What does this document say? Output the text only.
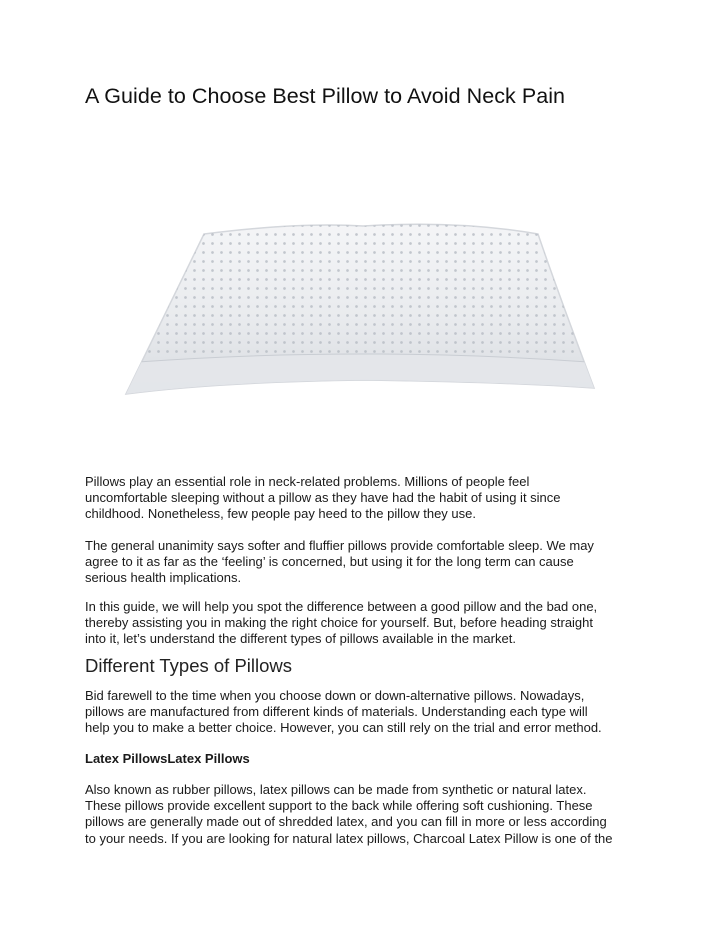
A Guide to Choose Best Pillow to Avoid Neck Pain
Pillows play an essential role in neck-related problems. Millions of people feel
uncomfortable sleeping without a pillow as they have had the habit of using it since
childhood. Nonetheless, few people pay heed to the pillow they use.
The general unanimity says softer and fluffier pillows provide comfortable sleep. We may
agree to it as far as the ‘feeling’ is concerned, but using it for the long term can cause
serious health implications.
In this guide, we will help you spot the difference between a good pillow and the bad one,
thereby assisting you in making the right choice for yourself. But, before heading straight
into it, let’s understand the different types of pillows available in the market.
Different Types of Pillows
Bid farewell to the time when you choose down or down-alternative pillows. Nowadays,
pillows are manufactured from different kinds of materials. Understanding each type will
help you to make a better choice. However, you can still rely on the trial and error method.
Latex PillowsLatex Pillows
Also known as rubber pillows, latex pillows can be made from synthetic or natural latex.
These pillows provide excellent support to the back while offering soft cushioning. These
pillows are generally made out of shredded latex, and you can fill in more or less according
to your needs. If you are looking for natural latex pillows, Charcoal Latex Pillow is one of the
